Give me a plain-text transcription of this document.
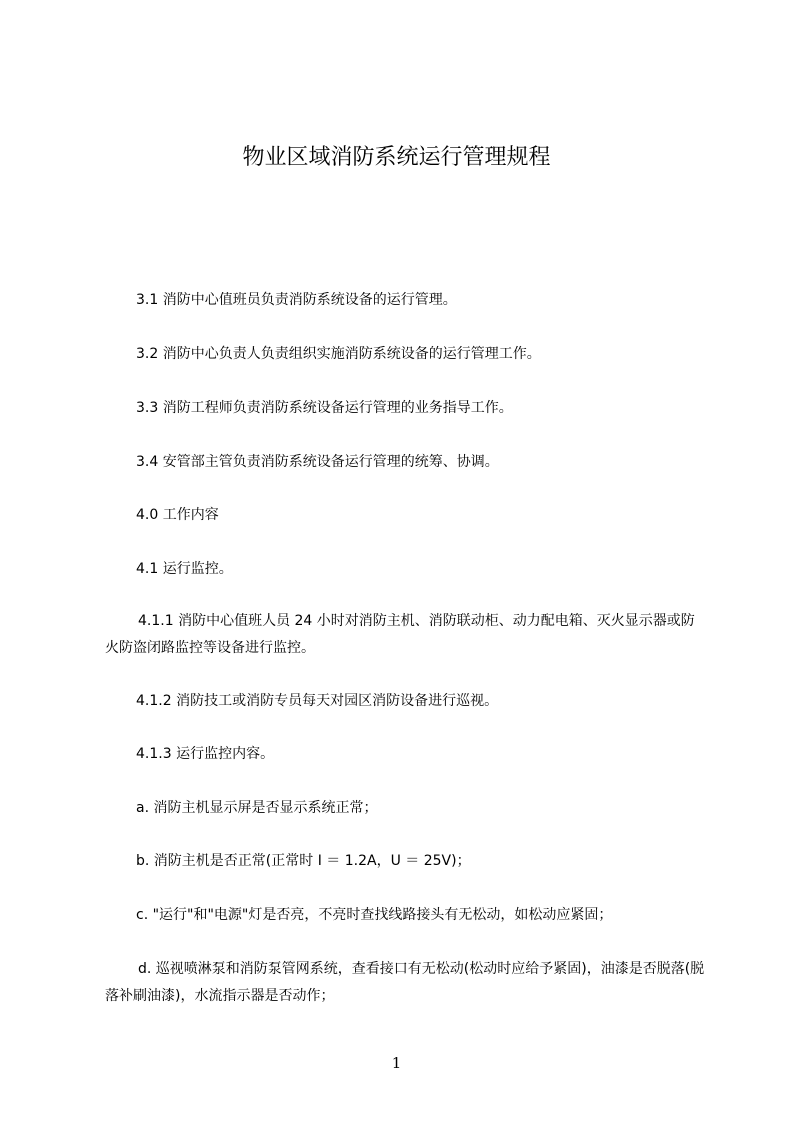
物业区域消防系统运行管理规程

3.1 消防中心值班员负责消防系统设备的运行管理。

3.2 消防中心负责人负责组织实施消防系统设备的运行管理工作。

3.3 消防工程师负责消防系统设备运行管理的业务指导工作。

3.4 安管部主管负责消防系统设备运行管理的统筹、协调。

4.0 工作内容

4.1 运行监控。

4.1.1 消防中心值班人员 24 小时对消防主机、消防联动柜、动力配电箱、灭火显示器或防火防盗闭路监控等设备进行监控。

4.1.2 消防技工或消防专员每天对园区消防设备进行巡视。

4.1.3 运行监控内容。

a. 消防主机显示屏是否显示系统正常；

b. 消防主机是否正常(正常时 I ＝ 1.2A，U ＝ 25V)；

c. "运行"和"电源"灯是否亮，不亮时查找线路接头有无松动，如松动应紧固；

d. 巡视喷淋泵和消防泵管网系统，查看接口有无松动(松动时应给予紧固)，油漆是否脱落(脱落补刷油漆)，水流指示器是否动作；

1
